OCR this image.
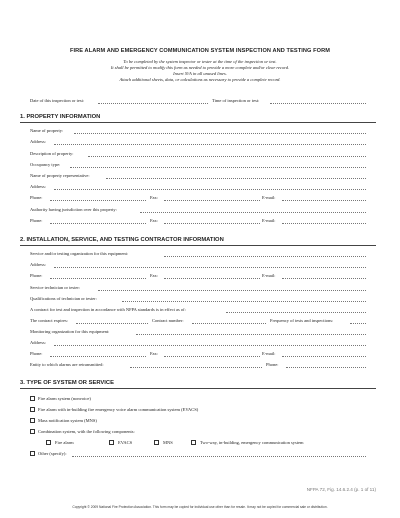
FIRE ALARM AND EMERGENCY COMMUNICATION SYSTEM INSPECTION AND TESTING FORM
To be completed by the system inspector or tester at the time of the inspection or test.
It shall be permitted to modify this form as needed to provide a more complete and/or clear record.
Insert N/A in all unused lines.
Attach additional sheets, data, or calculations as necessary to provide a complete record.
Date of this inspection or test:	Time of inspection or test:
1. PROPERTY INFORMATION
Name of property:
Address:
Description of property:
Occupancy type:
Name of property representative:
Address:
Phone:	Fax:	E-mail:
Authority having jurisdiction over this property:
Phone:	Fax:	E-mail:
2. INSTALLATION, SERVICE, AND TESTING CONTRACTOR INFORMATION
Service and/or testing organization for this equipment:
Address:
Phone:	Fax:	E-mail:
Service technician or tester:
Qualifications of technician or tester:
A contract for test and inspection in accordance with NFPA standards is in effect as of:
The contract expires:	Contract number:	Frequency of tests and inspections:
Monitoring organization for this equipment:
Address:
Phone:	Fax:	E-mail:
Entity to which alarms are retransmitted:	Phone:
3. TYPE OF SYSTEM OR SERVICE
Fire alarm system (nonvoice)
Fire alarm with in-building fire emergency voice alarm communication system (EVACS)
Mass notification system (MNS)
Combination system, with the following components:
Fire alarm	EVACS	MNS	Two-way, in-building, emergency communication system
Other (specify):
NFPA 72, Fig. 14.6.2.4 (p. 1 of 11)
Copyright © 2009 National Fire Protection Association. This form may be copied for individual use other than for resale. It may not be copied for commercial sale or distribution.
